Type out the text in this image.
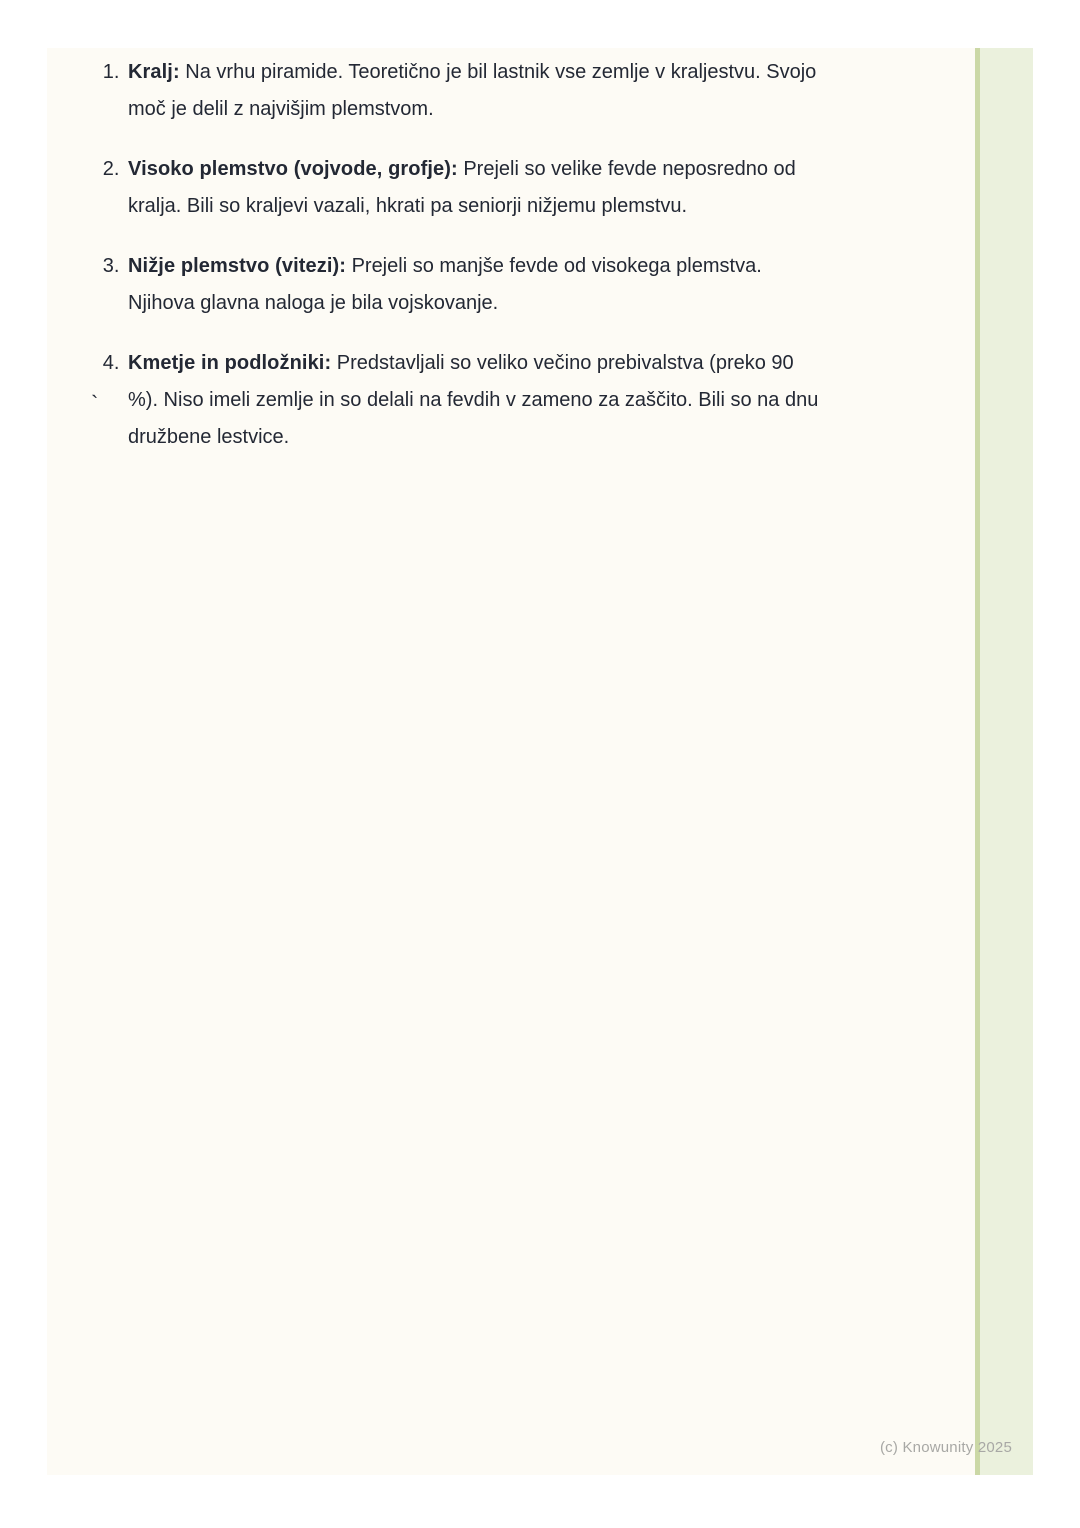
1. Kralj: Na vrhu piramide. Teoretično je bil lastnik vse zemlje v kraljestvu. Svojo moč je delil z najvišjim plemstvom.
2. Visoko plemstvo (vojvode, grofje): Prejeli so velike fevde neposredno od kralja. Bili so kraljevi vazali, hkrati pa seniorji nižjemu plemstvu.
3. Nižje plemstvo (vitezi): Prejeli so manjše fevde od visokega plemstva. Njihova glavna naloga je bila vojskovanje.
4. Kmetje in podložniki: Predstavljali so veliko večino prebivalstva (preko 90 %). Niso imeli zemlje in so delali na fevdih v zameno za zaščito. Bili so na dnu družbene lestvice.
`
(c) Knowunity 2025
